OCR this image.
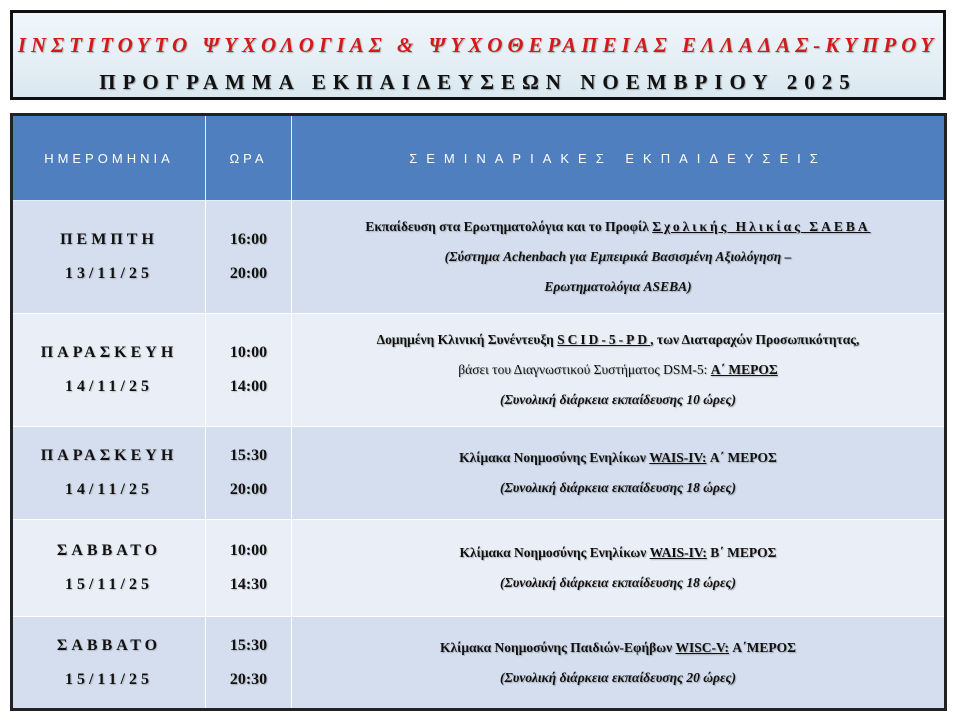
ΙΝΣΤΙΤΟΥΤΟ ΨΥΧΟΛΟΓΙΑΣ & ΨΥΧΟΘΕΡΑΠΕΙΑΣ ΕΛΛΑΔΑΣ-ΚΥΠΡΟΥ
ΠΡΟΓΡΑΜΜΑ ΕΚΠΑΙΔΕΥΣΕΩΝ ΝΟΕΜΒΡΙΟΥ 2025
ΗΜΕΡΟΜΗΝΙΑ	ΩΡΑ	ΣΕΜΙΝΑΡΙΑΚΕΣ ΕΚΠΑΙΔΕΥΣΕΙΣ
ΠΕΜΠΤΗ
13/11/25
16:00
20:00
Εκπαίδευση στα Ερωτηματολόγια και το Προφίλ Σχολικής Ηλικίας ΣΑΕΒΑ
(Σύστημα Achenbach για Εμπειρικά Βασισμένη Αξιολόγηση –
Ερωτηματολόγια ASEBA)
ΠΑΡΑΣΚΕΥΗ
14/11/25
10:00
14:00
Δομημένη Κλινική Συνέντευξη SCID-5-PD, των Διαταραχών Προσωπικότητας,
βάσει του Διαγνωστικού Συστήματος DSM-5: Α΄ ΜΕΡΟΣ
(Συνολική διάρκεια εκπαίδευσης 10 ώρες)
ΠΑΡΑΣΚΕΥΗ
14/11/25
15:30
20:00
Κλίμακα Νοημοσύνης Ενηλίκων WAIS-IV: Α΄ ΜΕΡΟΣ
(Συνολική διάρκεια εκπαίδευσης 18 ώρες)
ΣΑΒΒΑΤΟ
15/11/25
10:00
14:30
Κλίμακα Νοημοσύνης Ενηλίκων WAIS-IV: Β΄ ΜΕΡΟΣ
(Συνολική διάρκεια εκπαίδευσης 18 ώρες)
ΣΑΒΒΑΤΟ
15/11/25
15:30
20:30
Κλίμακα Νοημοσύνης Παιδιών-Εφήβων WISC-V: Α΄ΜΕΡΟΣ
(Συνολική διάρκεια εκπαίδευσης 20 ώρες)
